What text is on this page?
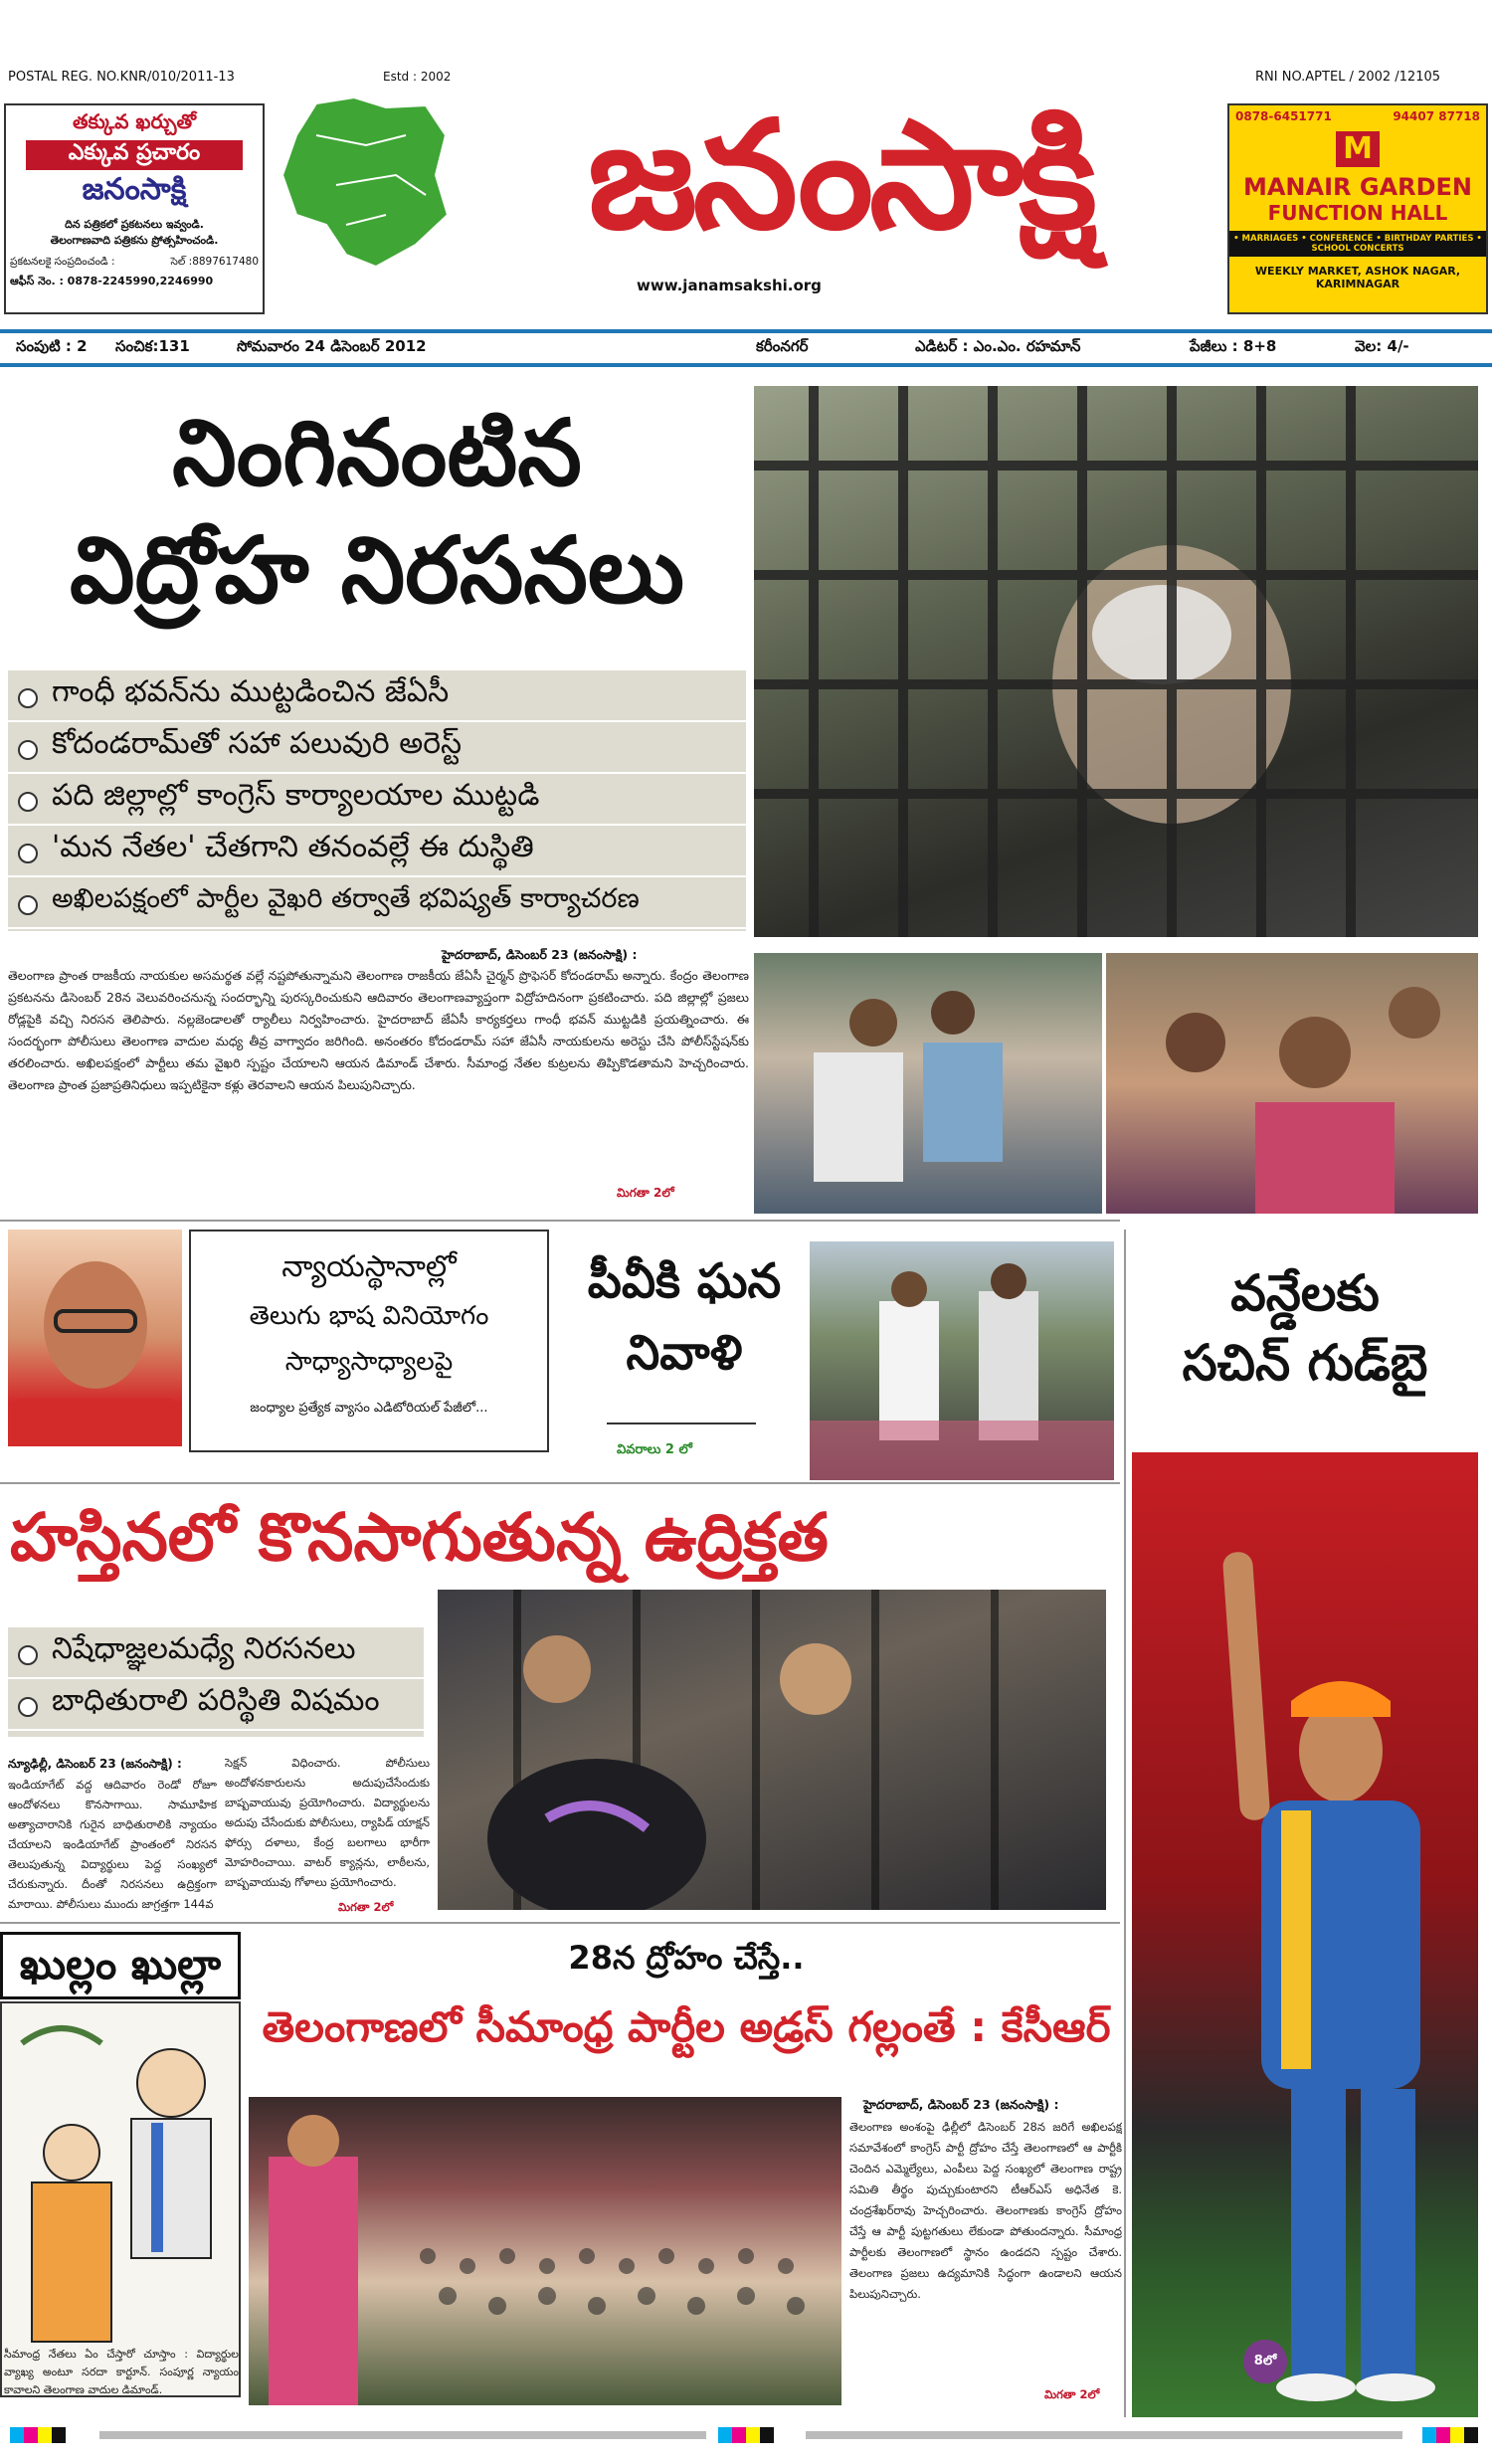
POSTAL REG. NO.KNR/010/2011-13	Estd : 2002	RNI NO.APTEL / 2002 /12105
తక్కువ ఖర్చుతో
ఎక్కువ ప్రచారం
జనంసాక్షి
దిన పత్రికలో ప్రకటనలు ఇవ్వండి.
తెలంగాణవాది పత్రికను ప్రోత్సహించండి.
ప్రకటనలకై సంప్రదించండి :	సెల్ :8897617480
ఆఫీస్ నెం. : 0878-2245990,2246990
జనంసాక్షి
www.janamsakshi.org
0878-6451771	94407 87718
M
MANAIR GARDEN
FUNCTION HALL
• MARRIAGES • CONFERENCE • BIRTHDAY PARTIES • SCHOOL CONCERTS
WEEKLY MARKET, ASHOK NAGAR, KARIMNAGAR
సంపుటి : 2 సంచిక:131	సోమవారం 24 డిసెంబర్ 2012	కరీంనగర్	ఎడిటర్ : ఎం.ఎం. రహమాన్	పేజీలు : 8+8	వెల: 4/-
నింగినంటిన
విద్రోహ నిరసనలు
గాంధీ భవన్‌ను ముట్టడించిన జేఏసీ
కోదండరామ్‌తో సహా పలువురి అరెస్ట్
పది జిల్లాల్లో కాంగ్రెస్ కార్యాలయాల ముట్టడి
'మన నేతల' చేతగాని తనంవల్లే ఈ దుస్థితి
అఖిలపక్షంలో పార్టీల వైఖరి తర్వాతే భవిష్యత్ కార్యాచరణ
హైదరాబాద్, డిసెంబర్ 23 (జనంసాక్షి) :
తెలంగాణ ప్రాంత రాజకీయ నాయకుల అసమర్థత వల్లే నష్టపోతున్నామని తెలంగాణ రాజకీయ జేఏసీ చైర్మన్ ప్రొఫెసర్ కోదండరామ్ అన్నారు. కేంద్రం తెలంగాణ ప్రకటనను డిసెంబర్ 28న వెలువరించనున్న సందర్భాన్ని పురస్కరించుకుని ఆదివారం తెలంగాణవ్యాప్తంగా విద్రోహదినంగా ప్రకటించారు. పది జిల్లాల్లో ప్రజలు రోడ్లపైకి వచ్చి నిరసన తెలిపారు. నల్లజెండాలతో ర్యాలీలు నిర్వహించారు. హైదరాబాద్ జేఏసీ కార్యకర్తలు గాంధీ భవన్ ముట్టడికి ప్రయత్నించారు. ఈ సందర్భంగా పోలీసులు తెలంగాణ వాదుల మధ్య తీవ్ర వాగ్వాదం జరిగింది. అనంతరం కోదండరామ్ సహా జేఏసీ నాయకులను అరెస్టు చేసి పోలీస్‌స్టేషన్‌కు తరలించారు. అఖిలపక్షంలో పార్టీలు తమ వైఖరి స్పష్టం చేయాలని ఆయన డిమాండ్ చేశారు. సీమాంధ్ర నేతల కుట్రలను తిప్పికొడతామని హెచ్చరించారు. తెలంగాణ ప్రాంత ప్రజాప్రతినిధులు ఇప్పటికైనా కళ్లు తెరవాలని ఆయన పిలుపునిచ్చారు.
మిగతా 2లో
న్యాయస్థానాల్లో
తెలుగు భాష వినియోగం
సాధ్యాసాధ్యాలపై
జంధ్యాల ప్రత్యేక వ్యాసం ఎడిటోరియల్ పేజీలో...
పీవీకి ఘన
నివాళి
వివరాలు 2 లో
వన్డేలకు
సచిన్ గుడ్‌బై
8లో
హస్తినలో కొనసాగుతున్న ఉద్రిక్తత
నిషేధాజ్ఞలమధ్యే నిరసనలు
బాధితురాలి పరిస్థితి విషమం
న్యూఢిల్లీ, డిసెంబర్ 23 (జనంసాక్షి) :
ఇండియాగేట్ వద్ద ఆదివారం రెండో రోజూ ఆందోళనలు కొనసాగాయి. సామూహిక అత్యాచారానికి గురైన బాధితురాలికి న్యాయం చేయాలని ఇండియాగేట్ ప్రాంతంలో నిరసన తెలుపుతున్న విద్యార్థులు పెద్ద సంఖ్యలో చేరుకున్నారు. దీంతో నిరసనలు ఉద్రిక్తంగా మారాయి. పోలీసులు ముందు జాగ్రత్తగా 144వ
సెక్షన్ విధించారు. పోలీసులు అందోళనకారులను అదుపుచేసేందుకు బాష్పవాయువు ప్రయోగించారు. విద్యార్థులను అదుపు చేసేందుకు పోలీసులు, ర్యాపిడ్ యాక్షన్ ఫోర్సు దళాలు, కేంద్ర బలగాలు భారీగా మోహరించాయి. వాటర్ క్యాన్లను, లాఠీలను, బాష్పవాయువు గోళాలు ప్రయోగించారు.
మిగతా 2లో
ఖుల్లం ఖుల్లా
సీమాంధ్ర నేతలు ఏం చేస్తారో చూస్తాం : విద్యార్థుల వ్యాఖ్య అంటూ సరదా కార్టూన్. సంపూర్ణ న్యాయం కావాలని తెలంగాణ వాదుల డిమాండ్.
28న ద్రోహం చేస్తే..
తెలంగాణలో సీమాంధ్ర పార్టీల అడ్రస్ గల్లంతే : కేసీఆర్
హైదరాబాద్, డిసెంబర్ 23 (జనంసాక్షి) :
తెలంగాణ అంశంపై ఢిల్లీలో డిసెంబర్ 28న జరిగే అఖిలపక్ష సమావేశంలో కాంగ్రెస్ పార్టీ ద్రోహం చేస్తే తెలంగాణలో ఆ పార్టీకి చెందిన ఎమ్మెల్యేలు, ఎంపీలు పెద్ద సంఖ్యలో తెలంగాణ రాష్ట్ర సమితి తీర్థం పుచ్చుకుంటారని టీఆర్ఎస్ అధినేత కె. చంద్రశేఖర్‌రావు హెచ్చరించారు. తెలంగాణకు కాంగ్రెస్ ద్రోహం చేస్తే ఆ పార్టీ పుట్టగతులు లేకుండా పోతుందన్నారు. సీమాంధ్ర పార్టీలకు తెలంగాణలో స్థానం ఉండదని స్పష్టం చేశారు. తెలంగాణ ప్రజలు ఉద్యమానికి సిద్ధంగా ఉండాలని ఆయన పిలుపునిచ్చారు.
మిగతా 2లో
